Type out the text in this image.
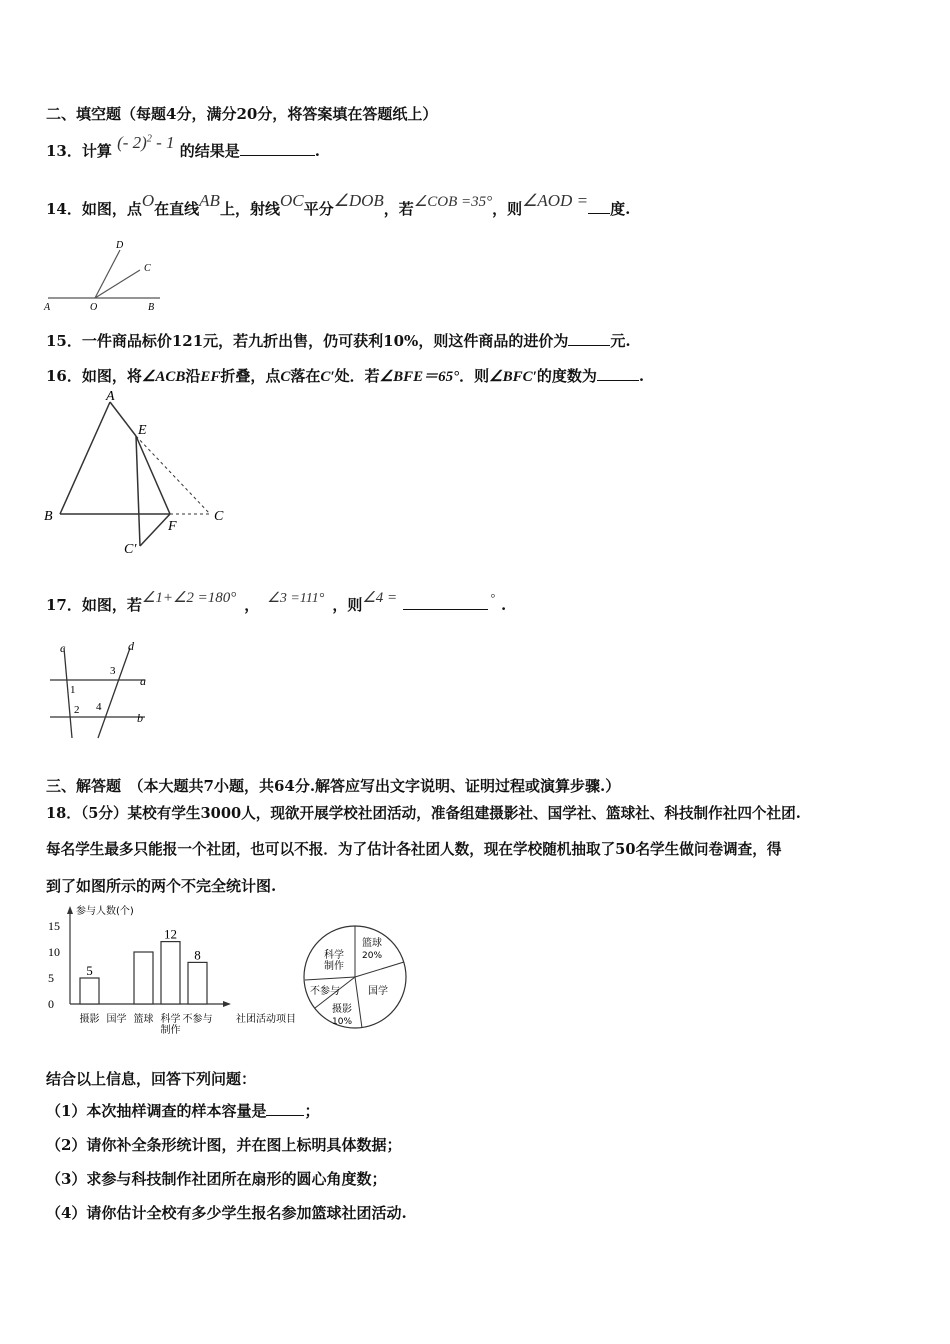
二、填空题（每题4分，满分20分，将答案填在答题纸上）
13．计算 (- 2)$^2$ - 1 的结果是	.
14．如图，点O在直线AB上，射线OC平分∠DOB，若∠COB =35°，则∠AOD = 度.
A	O	B
C
D
15．一件商品标价121元，若九折出售，仍可获利10%，则这件商品的进价为	元.
16．如图，将∠ACB沿EF折叠，点C落在C′处．若∠BFE＝65°．则∠BFC′的度数为	.
A
E
B	C
F
C′
17．如图，若∠1+∠2 =180° ， ∠3 =111° ，则∠4 =	° .
c	d
a
b
1
2
3
4
三、解答题　（本大题共7小题，共64分.解答应写出文字说明、证明过程或演算步骤.）
18．（5分）某校有学生3000人，现欲开展学校社团活动，准备组建摄影社、国学社、篮球社、科技制作社四个社团.
每名学生最多只能报一个社团，也可以不报．为了估计各社团人数，现在学校随机抽取了50名学生做问卷调查，得
到了如图所示的两个不完全统计图.
参与人数(个)
0
5
10
15
5
12
8
摄影 国学 篮球 科学制作
不参与 社团活动项目
篮球
20%
国学
摄影
10%
不参与
科学制作
结合以上信息，回答下列问题：
（1）本次抽样调查的样本容量是	；
（2）请你补全条形统计图，并在图上标明具体数据；
（3）求参与科技制作社团所在扇形的圆心角度数；
（4）请你估计全校有多少学生报名参加篮球社团活动.
